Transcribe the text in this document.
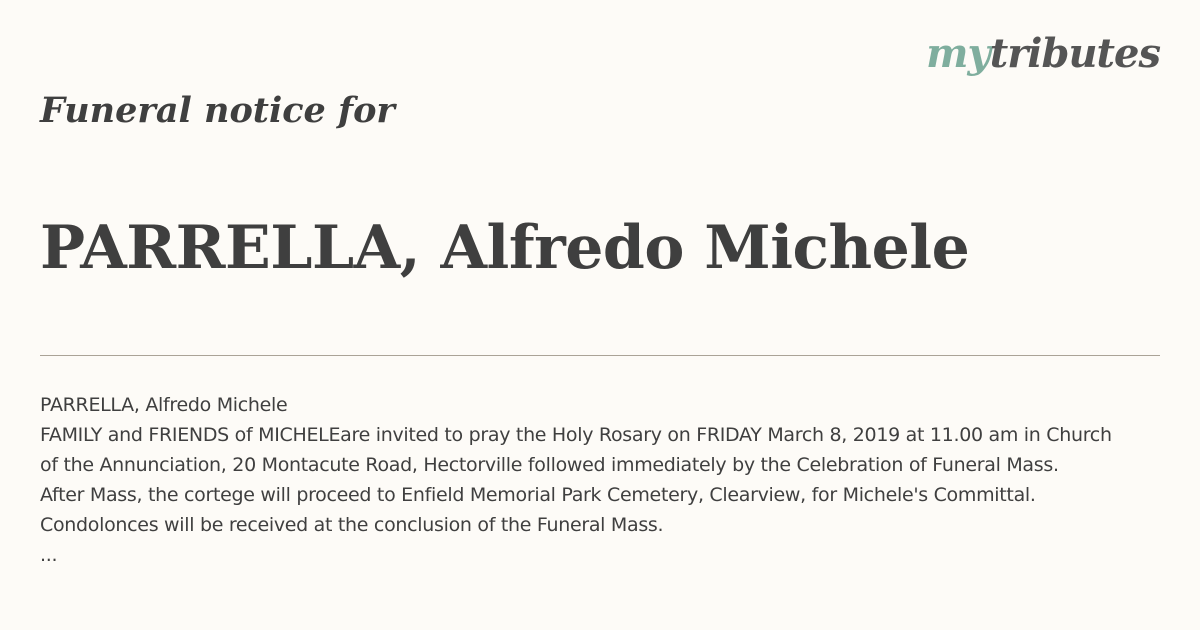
mytributes
Funeral notice for
PARRELLA, Alfredo Michele
PARRELLA, Alfredo Michele
FAMILY and FRIENDS of MICHELEare invited to pray the Holy Rosary on FRIDAY March 8, 2019 at 11.00 am in Church
of the Annunciation, 20 Montacute Road, Hectorville followed immediately by the Celebration of Funeral Mass.
After Mass, the cortege will proceed to Enfield Memorial Park Cemetery, Clearview, for Michele's Committal.
Condolonces will be received at the conclusion of the Funeral Mass.
...
